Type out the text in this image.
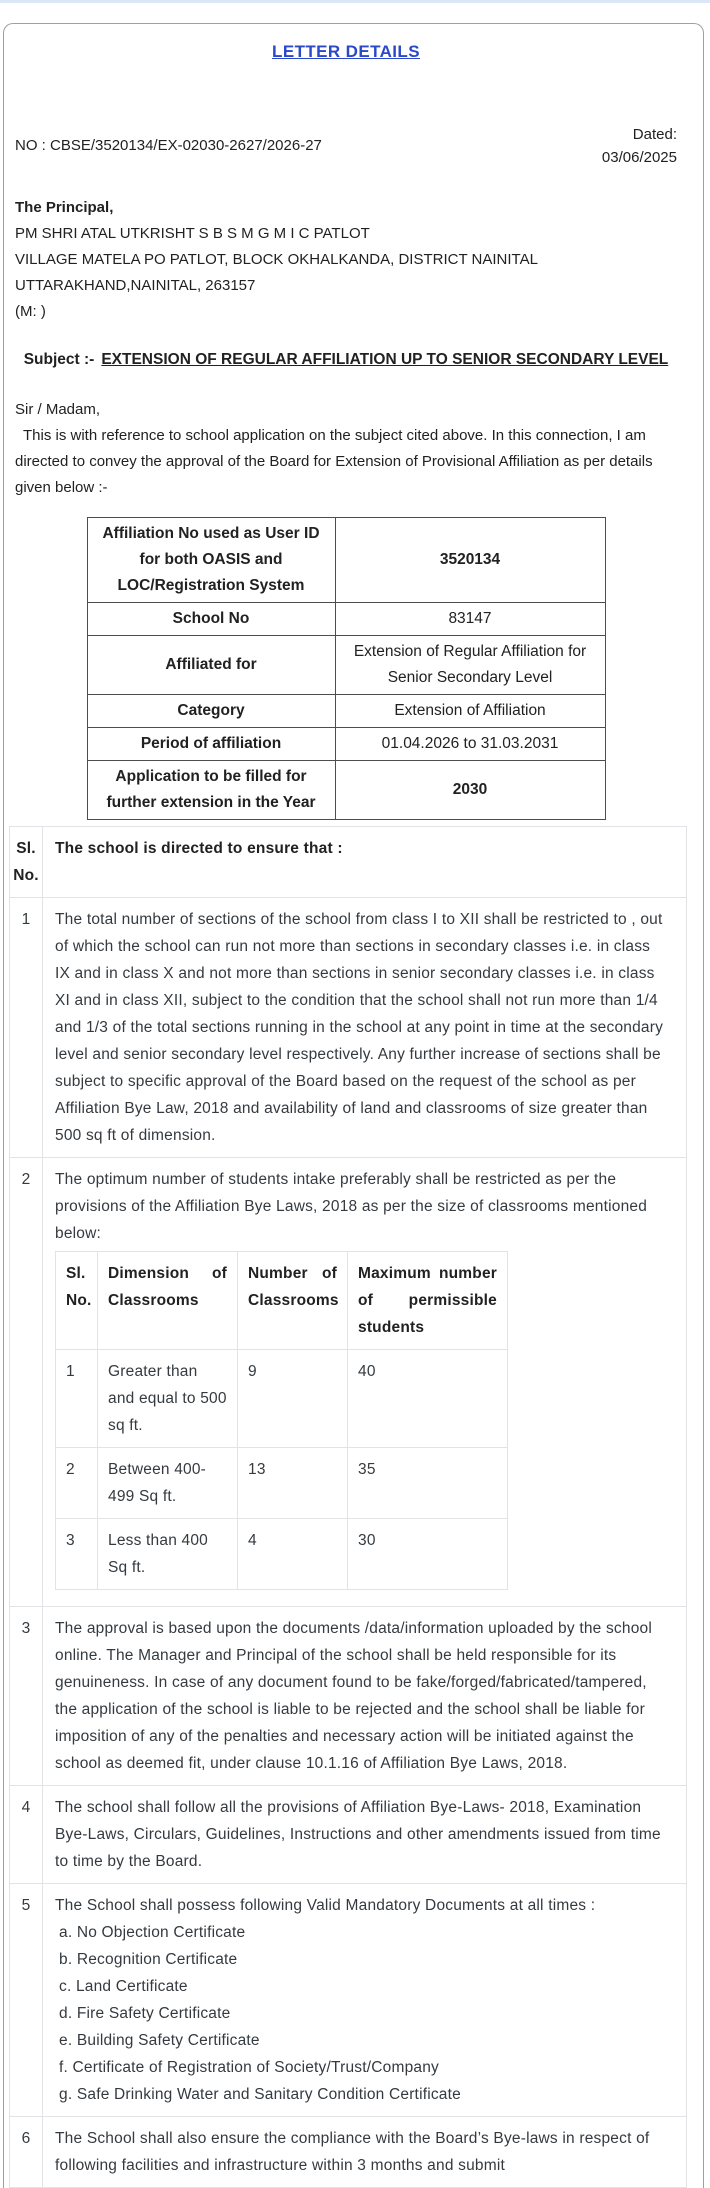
LETTER DETAILS
NO : CBSE/3520134/EX-02030-2627/2026-27
Dated:
03/06/2025
The Principal,
PM SHRI ATAL UTKRISHT S B S M G M I C PATLOT
VILLAGE MATELA PO PATLOT, BLOCK OKHALKANDA, DISTRICT NAINITAL
UTTARAKHAND,NAINITAL, 263157
(M: )
Subject :- EXTENSION OF REGULAR AFFILIATION UP TO SENIOR SECONDARY LEVEL
Sir / Madam,
This is with reference to school application on the subject cited above. In this connection, I am directed to convey the approval of the Board for Extension of Provisional Affiliation as per details given below :-
Affiliation No used as User ID for both OASIS and LOC/Registration System	3520134
School No	83147
Affiliated for	Extension of Regular Affiliation for Senior Secondary Level
Category	Extension of Affiliation
Period of affiliation	01.04.2026 to 31.03.2031
Application to be filled for further extension in the Year	2030
Sl. No.	The school is directed to ensure that :
1	The total number of sections of the school from class I to XII shall be restricted to , out of which the school can run not more than sections in secondary classes i.e. in class IX and in class X and not more than sections in senior secondary classes i.e. in class XI and in class XII, subject to the condition that the school shall not run more than 1/4 and 1/3 of the total sections running in the school at any point in time at the secondary level and senior secondary level respectively. Any further increase of sections shall be subject to specific approval of the Board based on the request of the school as per Affiliation Bye Law, 2018 and availability of land and classrooms of size greater than 500 sq ft of dimension.
2	The optimum number of students intake preferably shall be restricted as per the provisions of the Affiliation Bye Laws, 2018 as per the size of classrooms mentioned below:
Sl. No.	Dimension of Classrooms	Number of Classrooms	Maximum number of permissible students
1	Greater than and equal to 500 sq ft.	9	40
2	Between 400-499 Sq ft.	13	35
3	Less than 400 Sq ft.	4	30

3	The approval is based upon the documents /data/information uploaded by the school online. The Manager and Principal of the school shall be held responsible for its genuineness. In case of any document found to be fake/forged/fabricated/tampered, the application of the school is liable to be rejected and the school shall be liable for imposition of any of the penalties and necessary action will be initiated against the school as deemed fit, under clause 10.1.16 of Affiliation Bye Laws, 2018.
4	The school shall follow all the provisions of Affiliation Bye-Laws- 2018, Examination Bye-Laws, Circulars, Guidelines, Instructions and other amendments issued from time to time by the Board.
5	The School shall possess following Valid Mandatory Documents at all times :
a. No Objection Certificate
b. Recognition Certificate
c. Land Certificate
d. Fire Safety Certificate
e. Building Safety Certificate
f. Certificate of Registration of Society/Trust/Company
g. Safe Drinking Water and Sanitary Condition Certificate

6	The School shall also ensure the compliance with the Board’s Bye-laws in respect of following facilities and infrastructure within 3 months and submit
